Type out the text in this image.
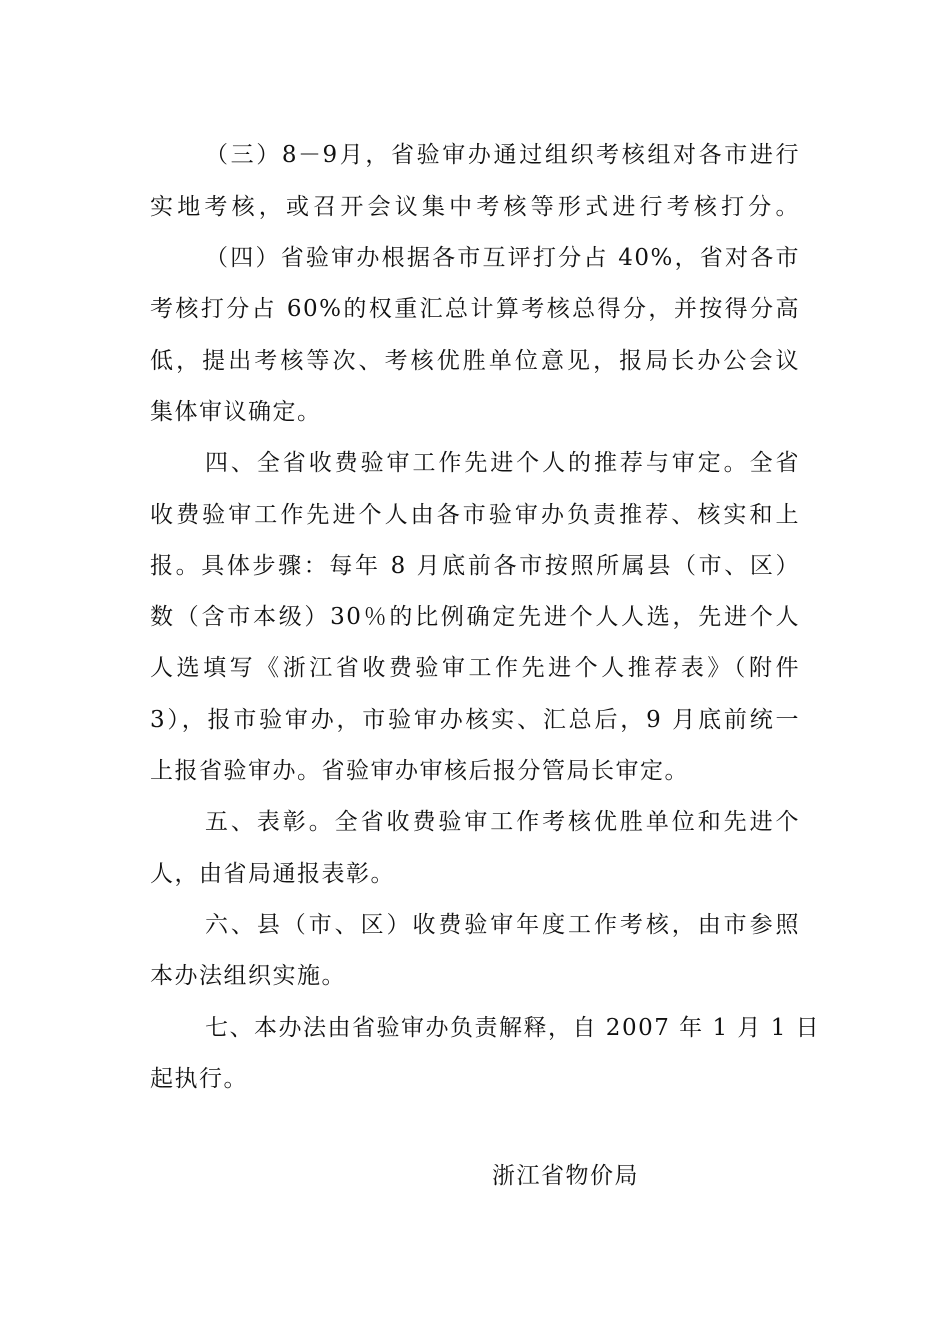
（三）8－9月，省验审办通过组织考核组对各市进行
实地考核，或召开会议集中考核等形式进行考核打分。
（四）省验审办根据各市互评打分占 40%，省对各市
考核打分占 60%的权重汇总计算考核总得分，并按得分高
低，提出考核等次、考核优胜单位意见，报局长办公会议
集体审议确定。
四、全省收费验审工作先进个人的推荐与审定。全省
收费验审工作先进个人由各市验审办负责推荐、核实和上
报。具体步骤：每年 8 月底前各市按照所属县（市、区）
数（含市本级）30％的比例确定先进个人人选，先进个人
人选填写《浙江省收费验审工作先进个人推荐表》（附件
3），报市验审办，市验审办核实、汇总后，9 月底前统一
上报省验审办。省验审办审核后报分管局长审定。
五、表彰。全省收费验审工作考核优胜单位和先进个
人，由省局通报表彰。
六、县（市、区）收费验审年度工作考核，由市参照
本办法组织实施。
七、本办法由省验审办负责解释，自 2007 年 1 月 1 日
起执行。
浙江省物价局
